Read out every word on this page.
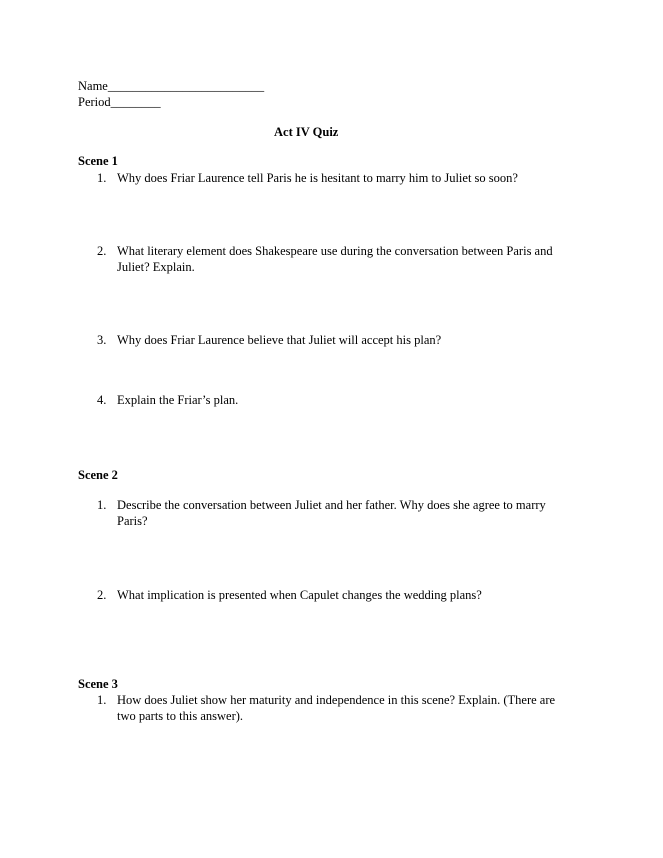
Name_________________________
Period________
Act IV Quiz
Scene 1
1. Why does Friar Laurence tell Paris he is hesitant to marry him to Juliet so soon?
2. What literary element does Shakespeare use during the conversation between Paris and
Juliet? Explain.
3. Why does Friar Laurence believe that Juliet will accept his plan?
4. Explain the Friar’s plan.
Scene 2
1. Describe the conversation between Juliet and her father. Why does she agree to marry
Paris?
2. What implication is presented when Capulet changes the wedding plans?
Scene 3
1. How does Juliet show her maturity and independence in this scene? Explain. (There are
two parts to this answer).
